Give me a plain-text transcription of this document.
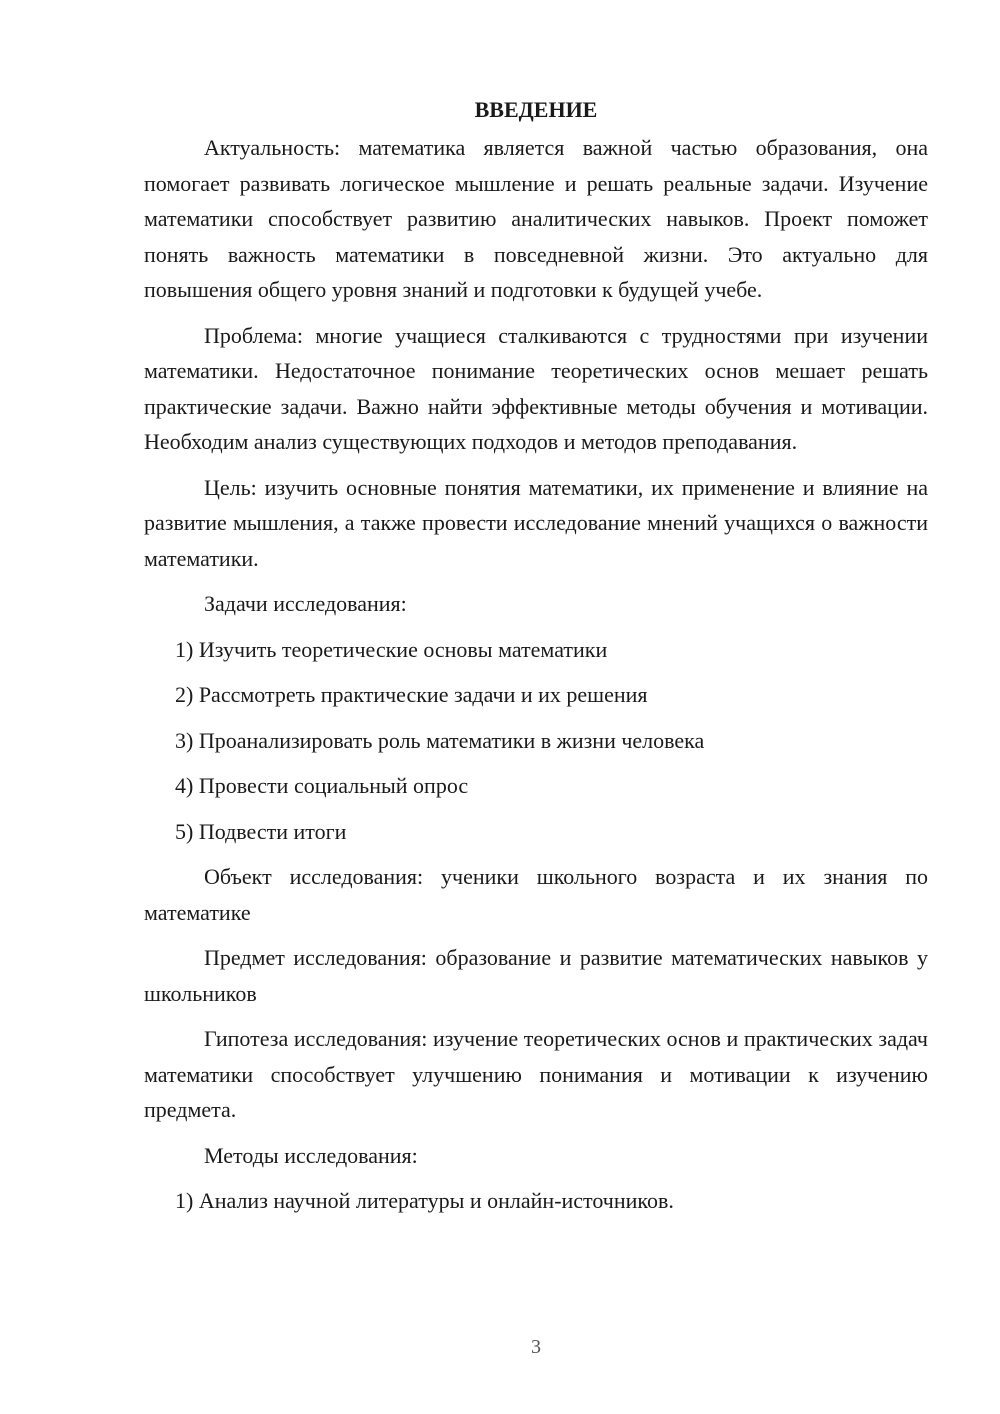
ВВЕДЕНИЕ

Актуальность: математика является важной частью образования, она помогает развивать логическое мышление и решать реальные задачи. Изучение математики способствует развитию аналитических навыков. Проект поможет понять важность математики в повседневной жизни. Это актуально для повышения общего уровня знаний и подготовки к будущей учебе.

Проблема: многие учащиеся сталкиваются с трудностями при изучении математики. Недостаточное понимание теоретических основ мешает решать практические задачи. Важно найти эффективные методы обучения и мотивации. Необходим анализ существующих подходов и методов преподавания.

Цель: изучить основные понятия математики, их применение и влияние на развитие мышления, а также провести исследование мнений учащихся о важности математики.

Задачи исследования:

1) Изучить теоретические основы математики

2) Рассмотреть практические задачи и их решения

3) Проанализировать роль математики в жизни человека

4) Провести социальный опрос

5) Подвести итоги

Объект исследования: ученики школьного возраста и их знания по математике

Предмет исследования: образование и развитие математических навыков у школьников

Гипотеза исследования: изучение теоретических основ и практических задач математики способствует улучшению понимания и мотивации к изучению предмета.

Методы исследования:

1) Анализ научной литературы и онлайн-источников.

3
